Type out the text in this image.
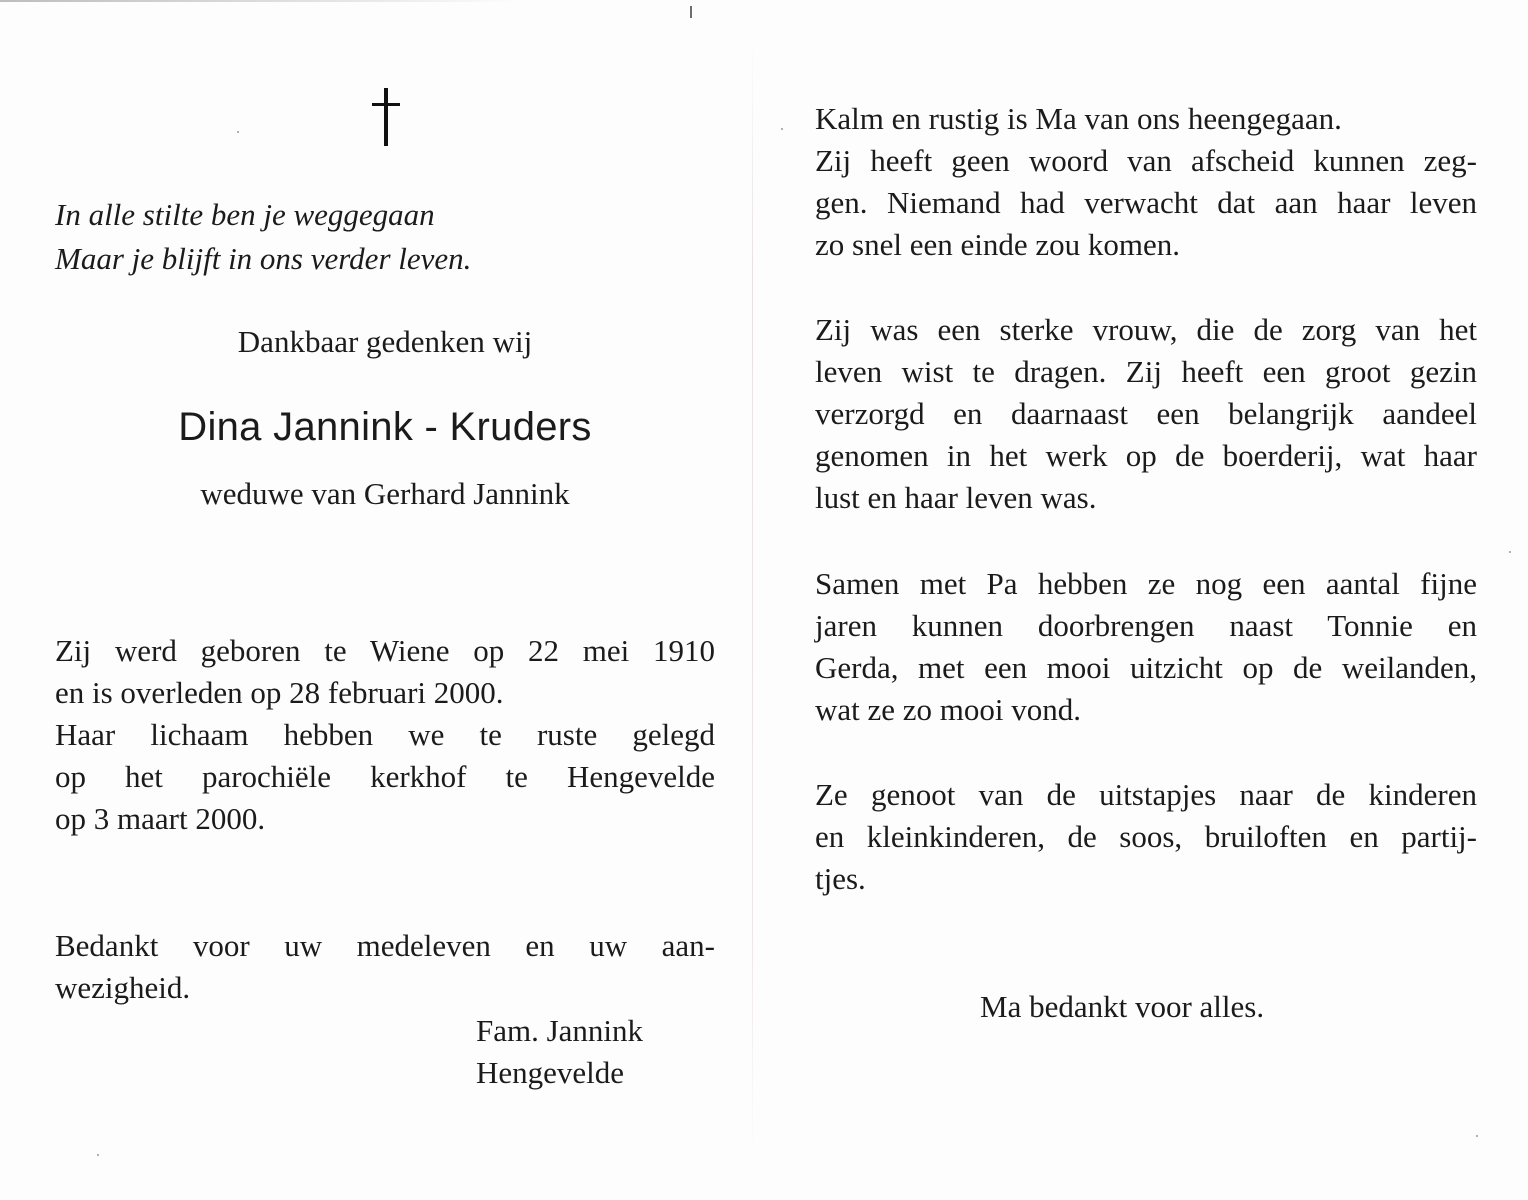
In alle stilte ben je weggegaan
Maar je blijft in ons verder leven.
Dankbaar gedenken wij
Dina Jannink - Kruders
weduwe van Gerhard Jannink
Zij werd geboren te Wiene op 22 mei 1910
en is overleden op 28 februari 2000.
Haar lichaam hebben we te ruste gelegd
op het parochiële kerkhof te Hengevelde
op 3 maart 2000.
Bedankt voor uw medeleven en uw aan-
wezigheid.
Fam. Jannink
Hengevelde
Kalm en rustig is Ma van ons heengegaan.
Zij heeft geen woord van afscheid kunnen zeg-
gen. Niemand had verwacht dat aan haar leven
zo snel een einde zou komen.
Zij was een sterke vrouw, die de zorg van het
leven wist te dragen. Zij heeft een groot gezin
verzorgd en daarnaast een belangrijk aandeel
genomen in het werk op de boerderij, wat haar
lust en haar leven was.
Samen met Pa hebben ze nog een aantal fijne
jaren kunnen doorbrengen naast Tonnie en
Gerda, met een mooi uitzicht op de weilanden,
wat ze zo mooi vond.
Ze genoot van de uitstapjes naar de kinderen
en kleinkinderen, de soos, bruiloften en partij-
tjes.
Ma bedankt voor alles.
